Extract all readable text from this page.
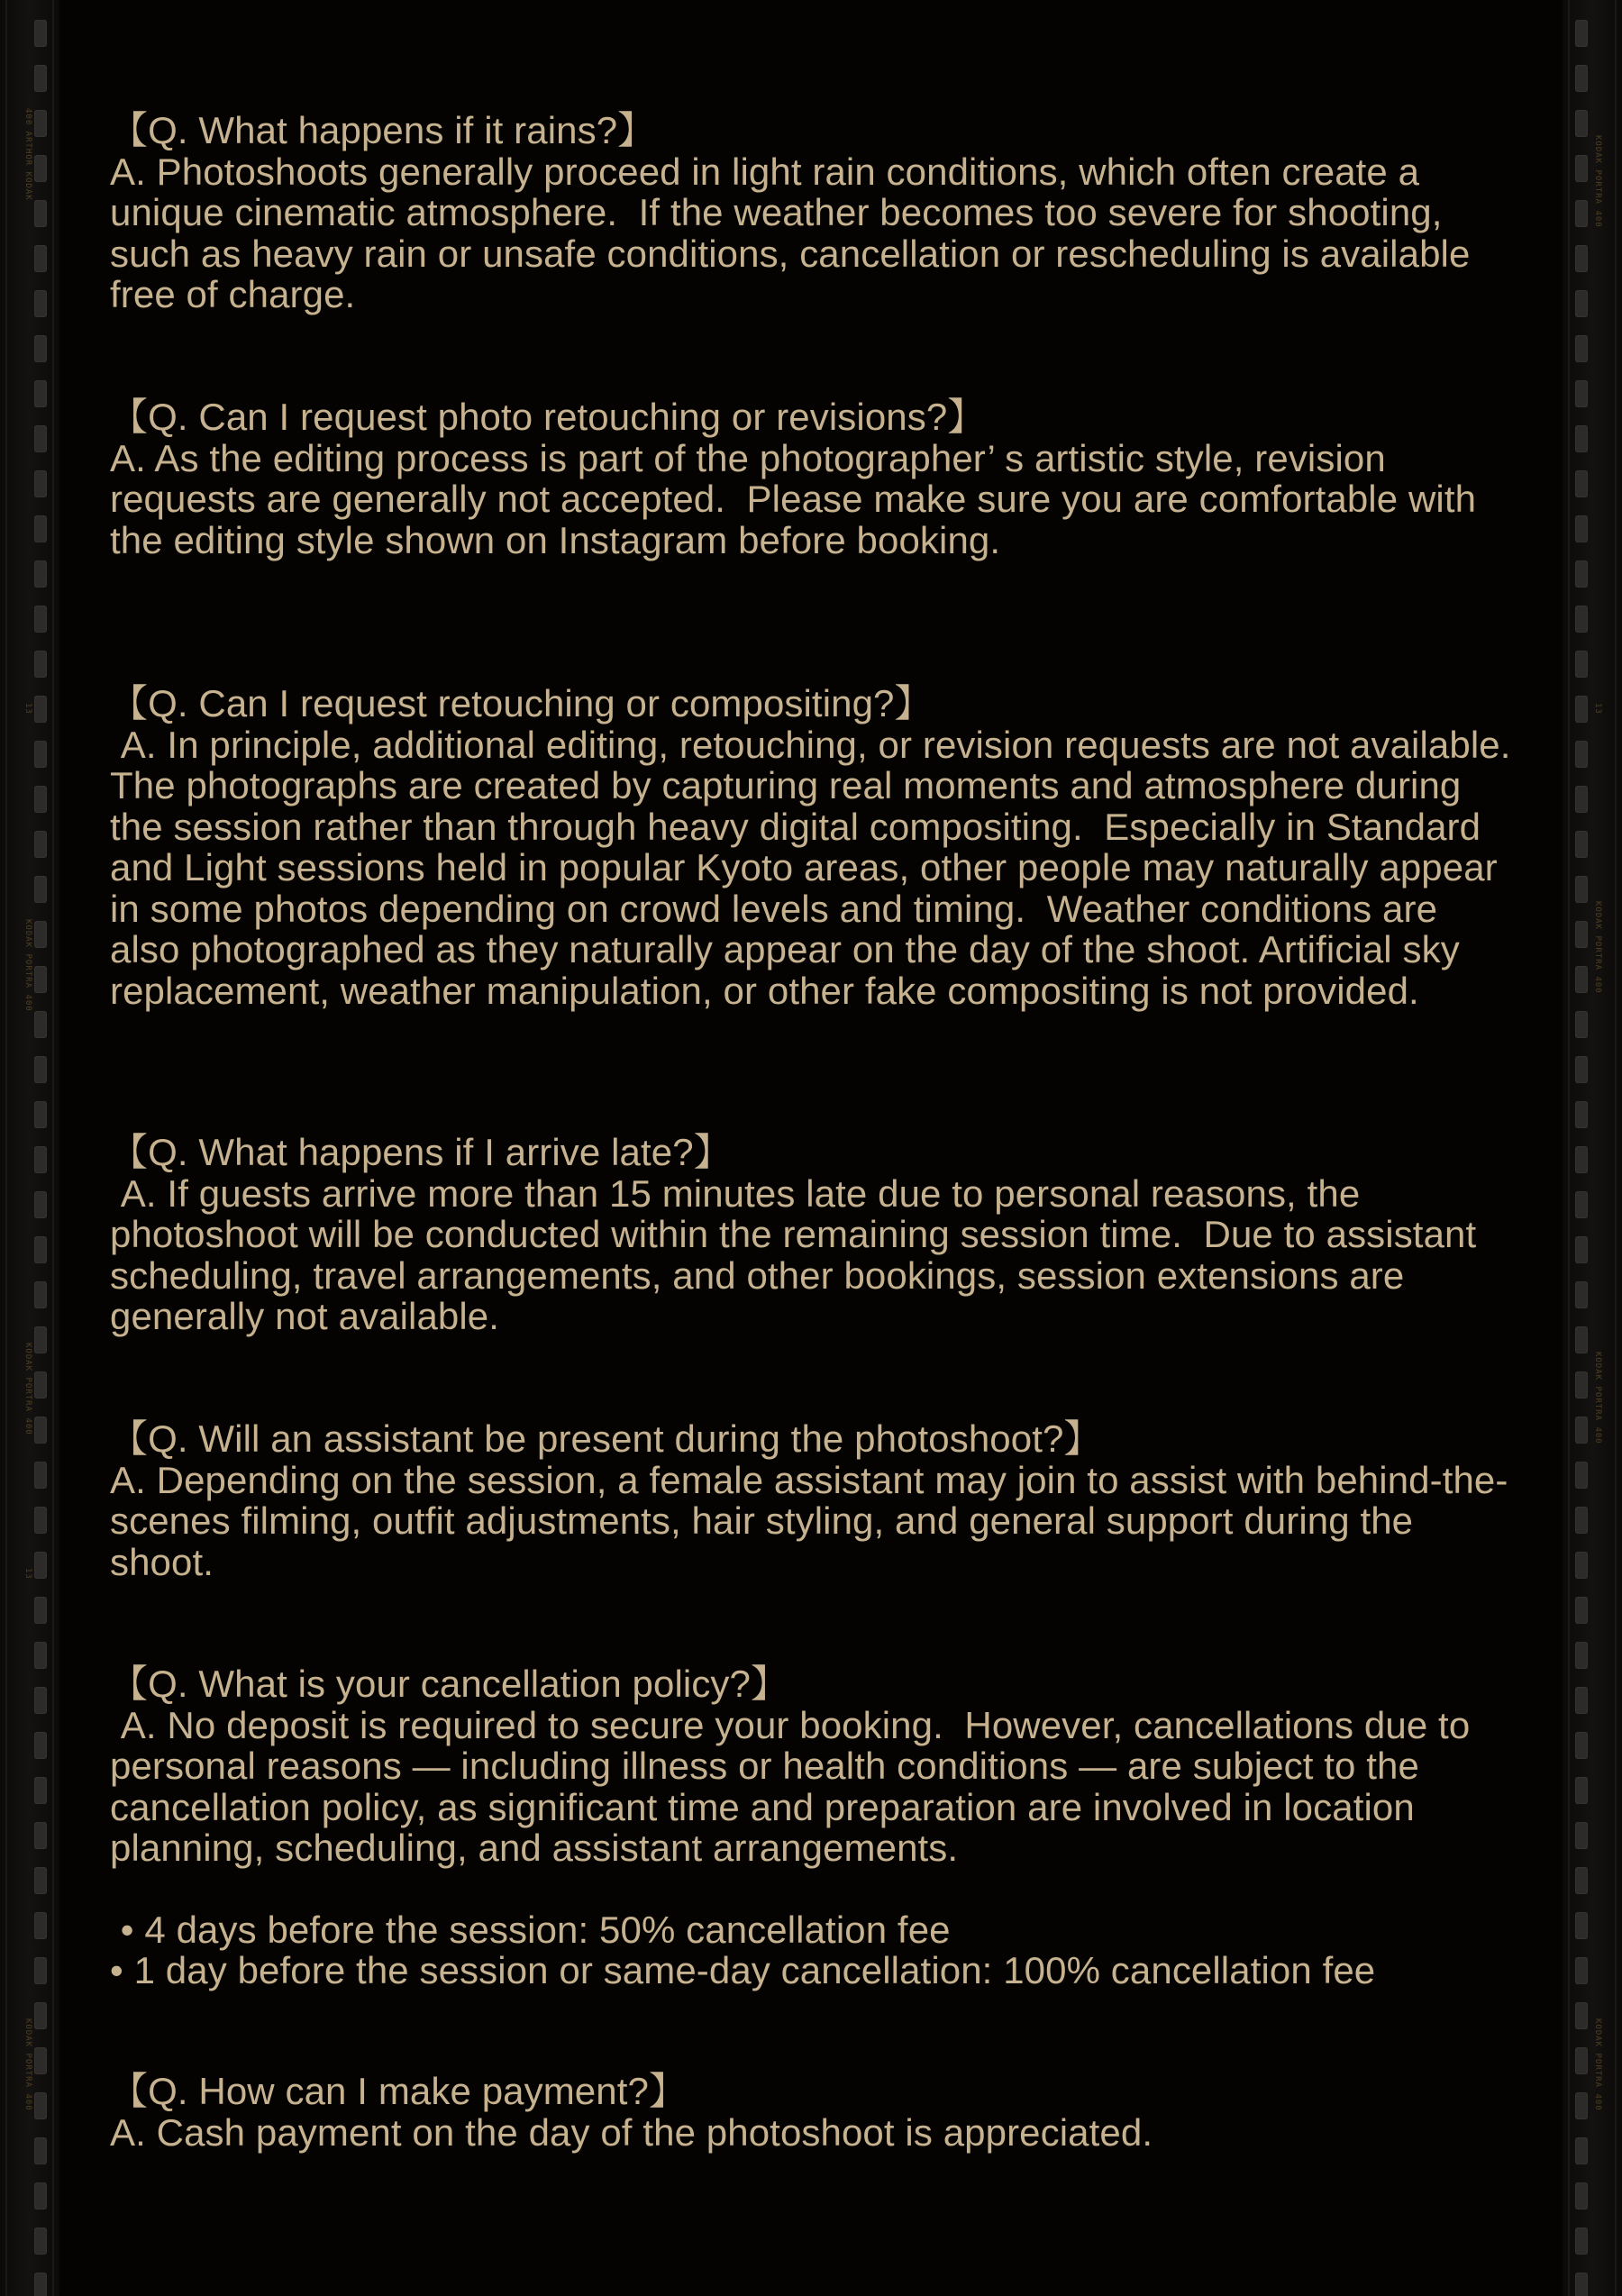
400 ARTHOR KODAK
13
KODAK PORTRA 400
KODAK PORTRA 400
13
KODAK PORTRA 400
KODAK PORTRA 400
13
KODAK PORTRA 400
KODAK PORTRA 400
KODAK PORTRA 400
【Q. What happens if it rains?】
A. Photoshoots generally proceed in light rain conditions, which often create a unique cinematic atmosphere.  If the weather becomes too severe for shooting, such as heavy rain or unsafe conditions, cancellation or rescheduling is available free of charge.
【Q. Can I request photo retouching or revisions?】
A. As the editing process is part of the photographer’ s artistic style, revision requests are generally not accepted.  Please make sure you are comfortable with the editing style shown on Instagram before booking.
【Q. Can I request retouching or compositing?】
A. In principle, additional editing, retouching, or revision requests are not available.  The photographs are created by capturing real moments and atmosphere during the session rather than through heavy digital compositing.  Especially in Standard and Light sessions held in popular Kyoto areas, other people may naturally appear in some photos depending on crowd levels and timing.  Weather conditions are also photographed as they naturally appear on the day of the shoot. Artificial sky replacement, weather manipulation, or other fake compositing is not provided.
【Q. What happens if I arrive late?】
A. If guests arrive more than 15 minutes late due to personal reasons, the photoshoot will be conducted within the remaining session time.  Due to assistant scheduling, travel arrangements, and other bookings, session extensions are generally not available.
【Q. Will an assistant be present during the photoshoot?】
A. Depending on the session, a female assistant may join to assist with behind-the-scenes filming, outfit adjustments, hair styling, and general support during the shoot.
【Q. What is your cancellation policy?】
A. No deposit is required to secure your booking.  However, cancellations due to personal reasons — including illness or health conditions — are subject to the cancellation policy, as significant time and preparation are involved in location planning, scheduling, and assistant arrangements.
• 4 days before the session: 50% cancellation fee
• 1 day before the session or same-day cancellation: 100% cancellation fee
【Q. How can I make payment?】
A. Cash payment on the day of the photoshoot is appreciated.
